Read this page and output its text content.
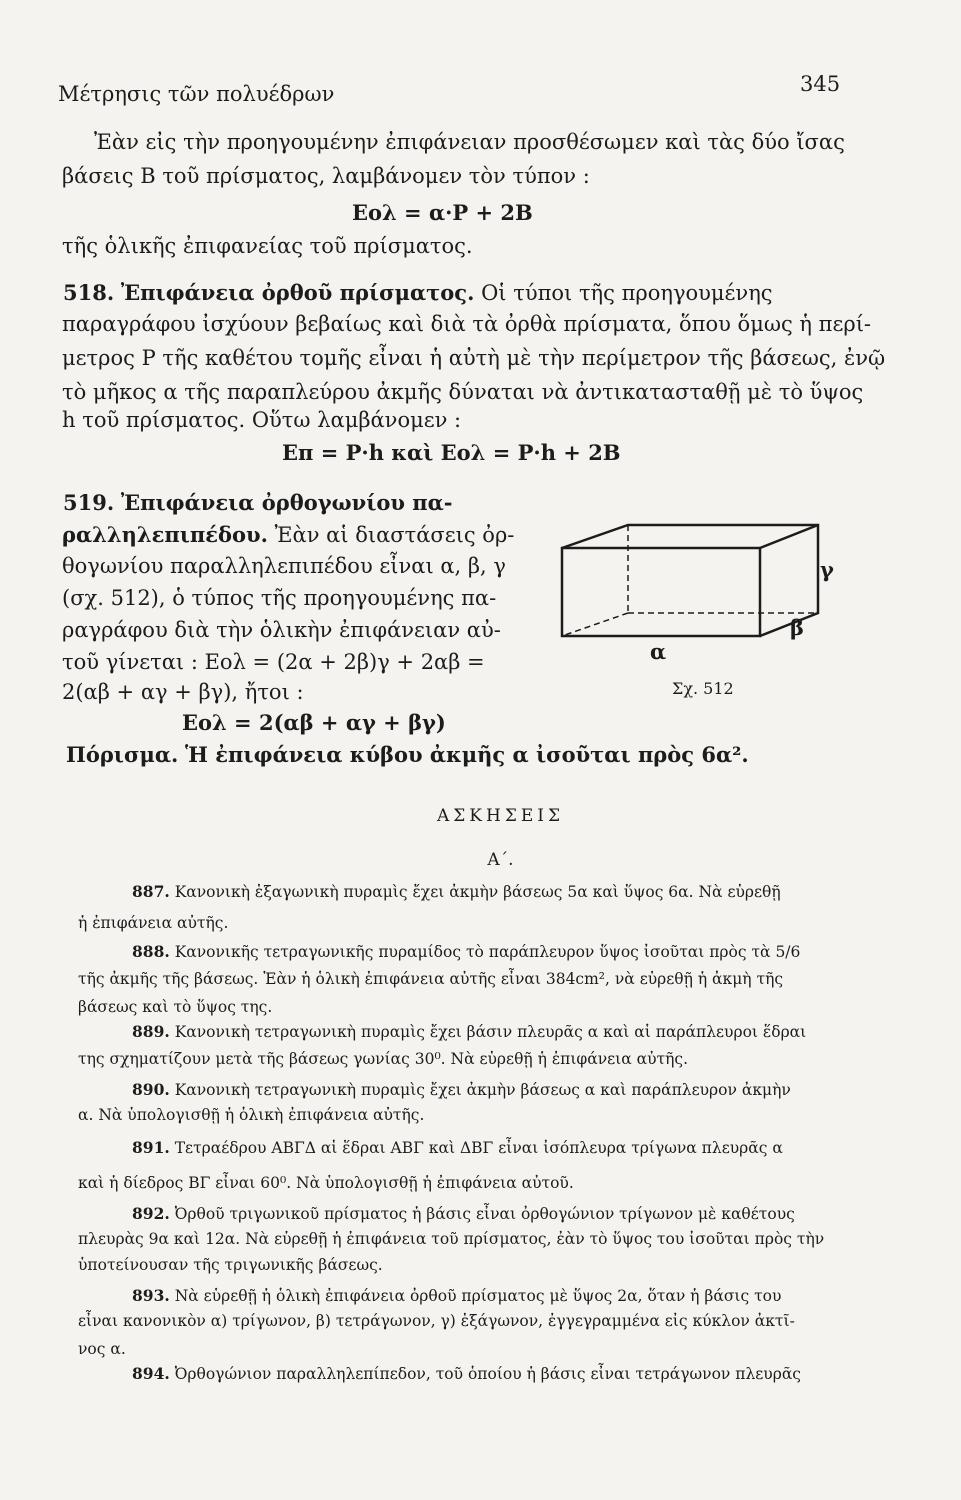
Μέτρησις τῶν πολυέδρων	345
Ἐὰν εἰς τὴν προηγουμένην ἐπιφάνειαν προσθέσωμεν καὶ τὰς δύο ἴσας
βάσεις Β τοῦ πρίσματος, λαμβάνομεν τὸν τύπον :
Eολ = α·P + 2B
τῆς ὁλικῆς ἐπιφανείας τοῦ πρίσματος.
518. Ἐπιφάνεια ὀρθοῦ πρίσματος. Οἱ τύποι τῆς προηγουμένης
παραγράφου ἰσχύουν βεβαίως καὶ διὰ τὰ ὀρθὰ πρίσματα, ὅπου ὅμως ἡ περί-
μετρος P τῆς καθέτου τομῆς εἶναι ἡ αὐτὴ μὲ τὴν περίμετρον τῆς βάσεως, ἐνῷ
τὸ μῆκος α τῆς παραπλεύρου ἀκμῆς δύναται νὰ ἀντικατασταθῇ μὲ τὸ ὕψος
h τοῦ πρίσματος. Οὕτω λαμβάνομεν :
Eπ = P·h καὶ Eολ = P·h + 2B
519. Ἐπιφάνεια ὀρθογωνίου πα-
ραλληλεπιπέδου. Ἐὰν αἱ διαστάσεις ὀρ-
θογωνίου παραλληλεπιπέδου εἶναι α, β, γ
(σχ. 512), ὁ τύπος τῆς προηγουμένης πα-
ραγράφου διὰ τὴν ὁλικὴν ἐπιφάνειαν αὐ-
τοῦ γίνεται : Eολ = (2α + 2β)γ + 2αβ =
2(αβ + αγ + βγ), ἤτοι :
Eολ = 2(αβ + αγ + βγ)
γ
β
α
Σχ. 512
Πόρισμα. Ἡ ἐπιφάνεια κύβου ἀκμῆς α ἰσοῦται πρὸς 6α².
ΑΣΚΗΣΕΙΣ
Α΄.
887. Κανονικὴ ἑξαγωνικὴ πυραμὶς ἔχει ἀκμὴν βάσεως 5α καὶ ὕψος 6α. Νὰ εὑρεθῇ
ἡ ἐπιφάνεια αὐτῆς.
888. Κανονικῆς τετραγωνικῆς πυραμίδος τὸ παράπλευρον ὕψος ἰσοῦται πρὸς τὰ 5/6
τῆς ἀκμῆς τῆς βάσεως. Ἐὰν ἡ ὁλικὴ ἐπιφάνεια αὐτῆς εἶναι 384cm², νὰ εὑρεθῇ ἡ ἀκμὴ τῆς
βάσεως καὶ τὸ ὕψος της.
889. Κανονικὴ τετραγωνικὴ πυραμὶς ἔχει βάσιν πλευρᾶς α καὶ αἱ παράπλευροι ἕδραι
της σχηματίζουν μετὰ τῆς βάσεως γωνίας 30⁰. Νὰ εὑρεθῇ ἡ ἐπιφάνεια αὐτῆς.
890. Κανονικὴ τετραγωνικὴ πυραμὶς ἔχει ἀκμὴν βάσεως α καὶ παράπλευρον ἀκμὴν
α. Νὰ ὑπολογισθῇ ἡ ὁλικὴ ἐπιφάνεια αὐτῆς.
891. Τετραέδρου ΑΒΓΔ αἱ ἕδραι ΑΒΓ καὶ ΔΒΓ εἶναι ἰσόπλευρα τρίγωνα πλευρᾶς α
καὶ ἡ δίεδρος ΒΓ εἶναι 60⁰. Νὰ ὑπολογισθῇ ἡ ἐπιφάνεια αὐτοῦ.
892. Ὀρθοῦ τριγωνικοῦ πρίσματος ἡ βάσις εἶναι ὀρθογώνιον τρίγωνον μὲ καθέτους
πλευρὰς 9α καὶ 12α. Νὰ εὑρεθῇ ἡ ἐπιφάνεια τοῦ πρίσματος, ἐὰν τὸ ὕψος του ἰσοῦται πρὸς τὴν
ὑποτείνουσαν τῆς τριγωνικῆς βάσεως.
893. Νὰ εὑρεθῇ ἡ ὁλικὴ ἐπιφάνεια ὀρθοῦ πρίσματος μὲ ὕψος 2α, ὅταν ἡ βάσις του
εἶναι κανονικὸν α) τρίγωνον, β) τετράγωνον, γ) ἑξάγωνον, ἐγγεγραμμένα εἰς κύκλον ἀκτῖ-
νος α.
894. Ὀρθογώνιον παραλληλεπίπεδον, τοῦ ὁποίου ἡ βάσις εἶναι τετράγωνον πλευρᾶς
